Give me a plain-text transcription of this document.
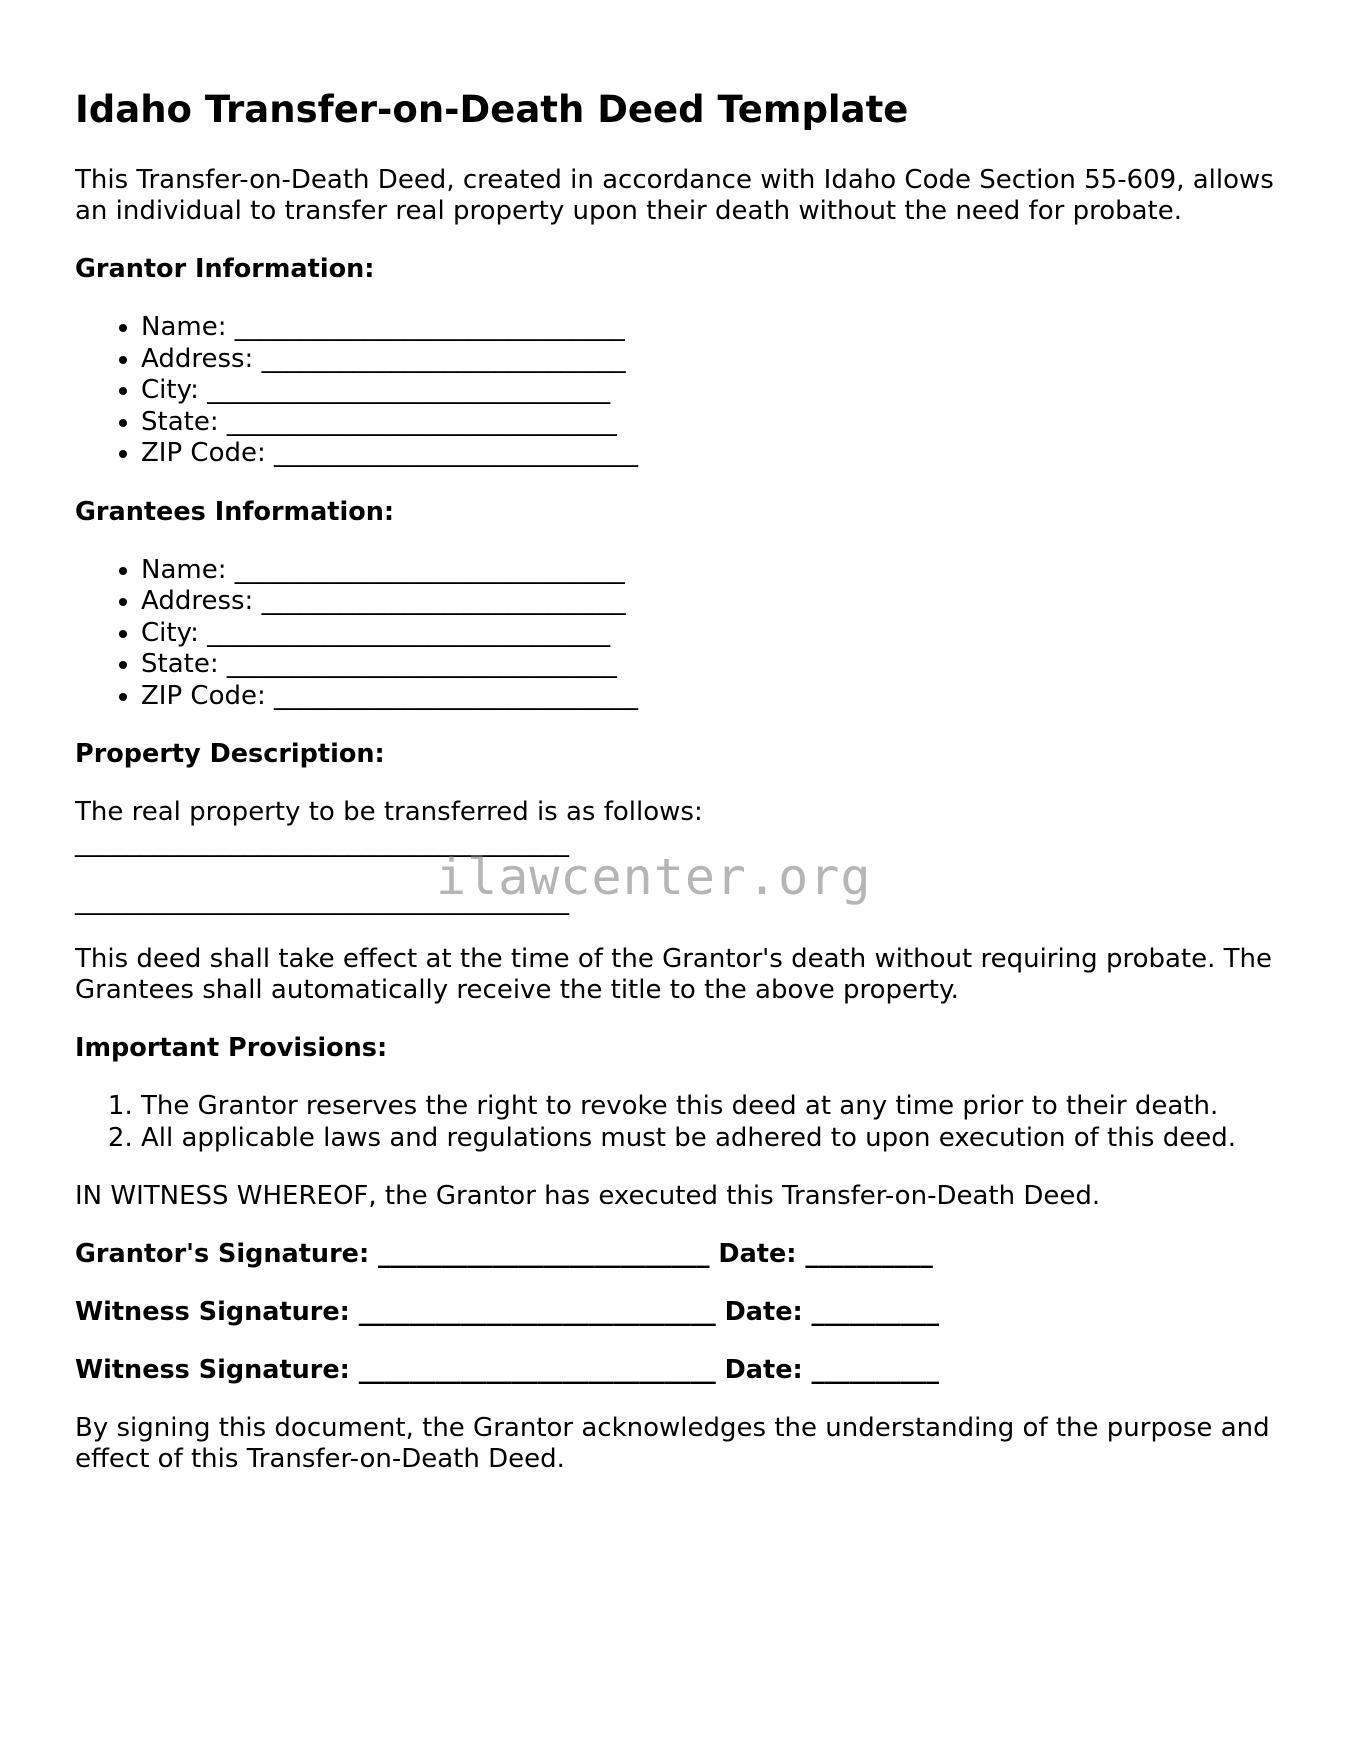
Idaho Transfer-on-Death Deed Template

This Transfer-on-Death Deed, created in accordance with Idaho Code Section 55-609, allows an individual to transfer real property upon their death without the need for probate.

Grantor Information:
• Name: ______________________________
• Address: ____________________________
• City: _______________________________
• State: ______________________________
• ZIP Code: ____________________________
Grantees Information:
• Name: ______________________________
• Address: ____________________________
• City: _______________________________
• State: ______________________________
• ZIP Code: ____________________________
Property Description:

The real property to be transferred is as follows:

______________________________________

______________________________________

This deed shall take effect at the time of the Grantor's death without requiring probate. The Grantees shall automatically receive the title to the above property.

Important Provisions:
1. The Grantor reserves the right to revoke this deed at any time prior to their death.
2. All applicable laws and regulations must be adhered to upon execution of this deed.

IN WITNESS WHEREOF, the Grantor has executed this Transfer-on-Death Deed.

Grantor's Signature: __________________________ Date: __________
Witness Signature: ____________________________ Date: __________
Witness Signature: ____________________________ Date: __________

By signing this document, the Grantor acknowledges the understanding of the purpose and effect of this Transfer-on-Death Deed.

ilawcenter.org
